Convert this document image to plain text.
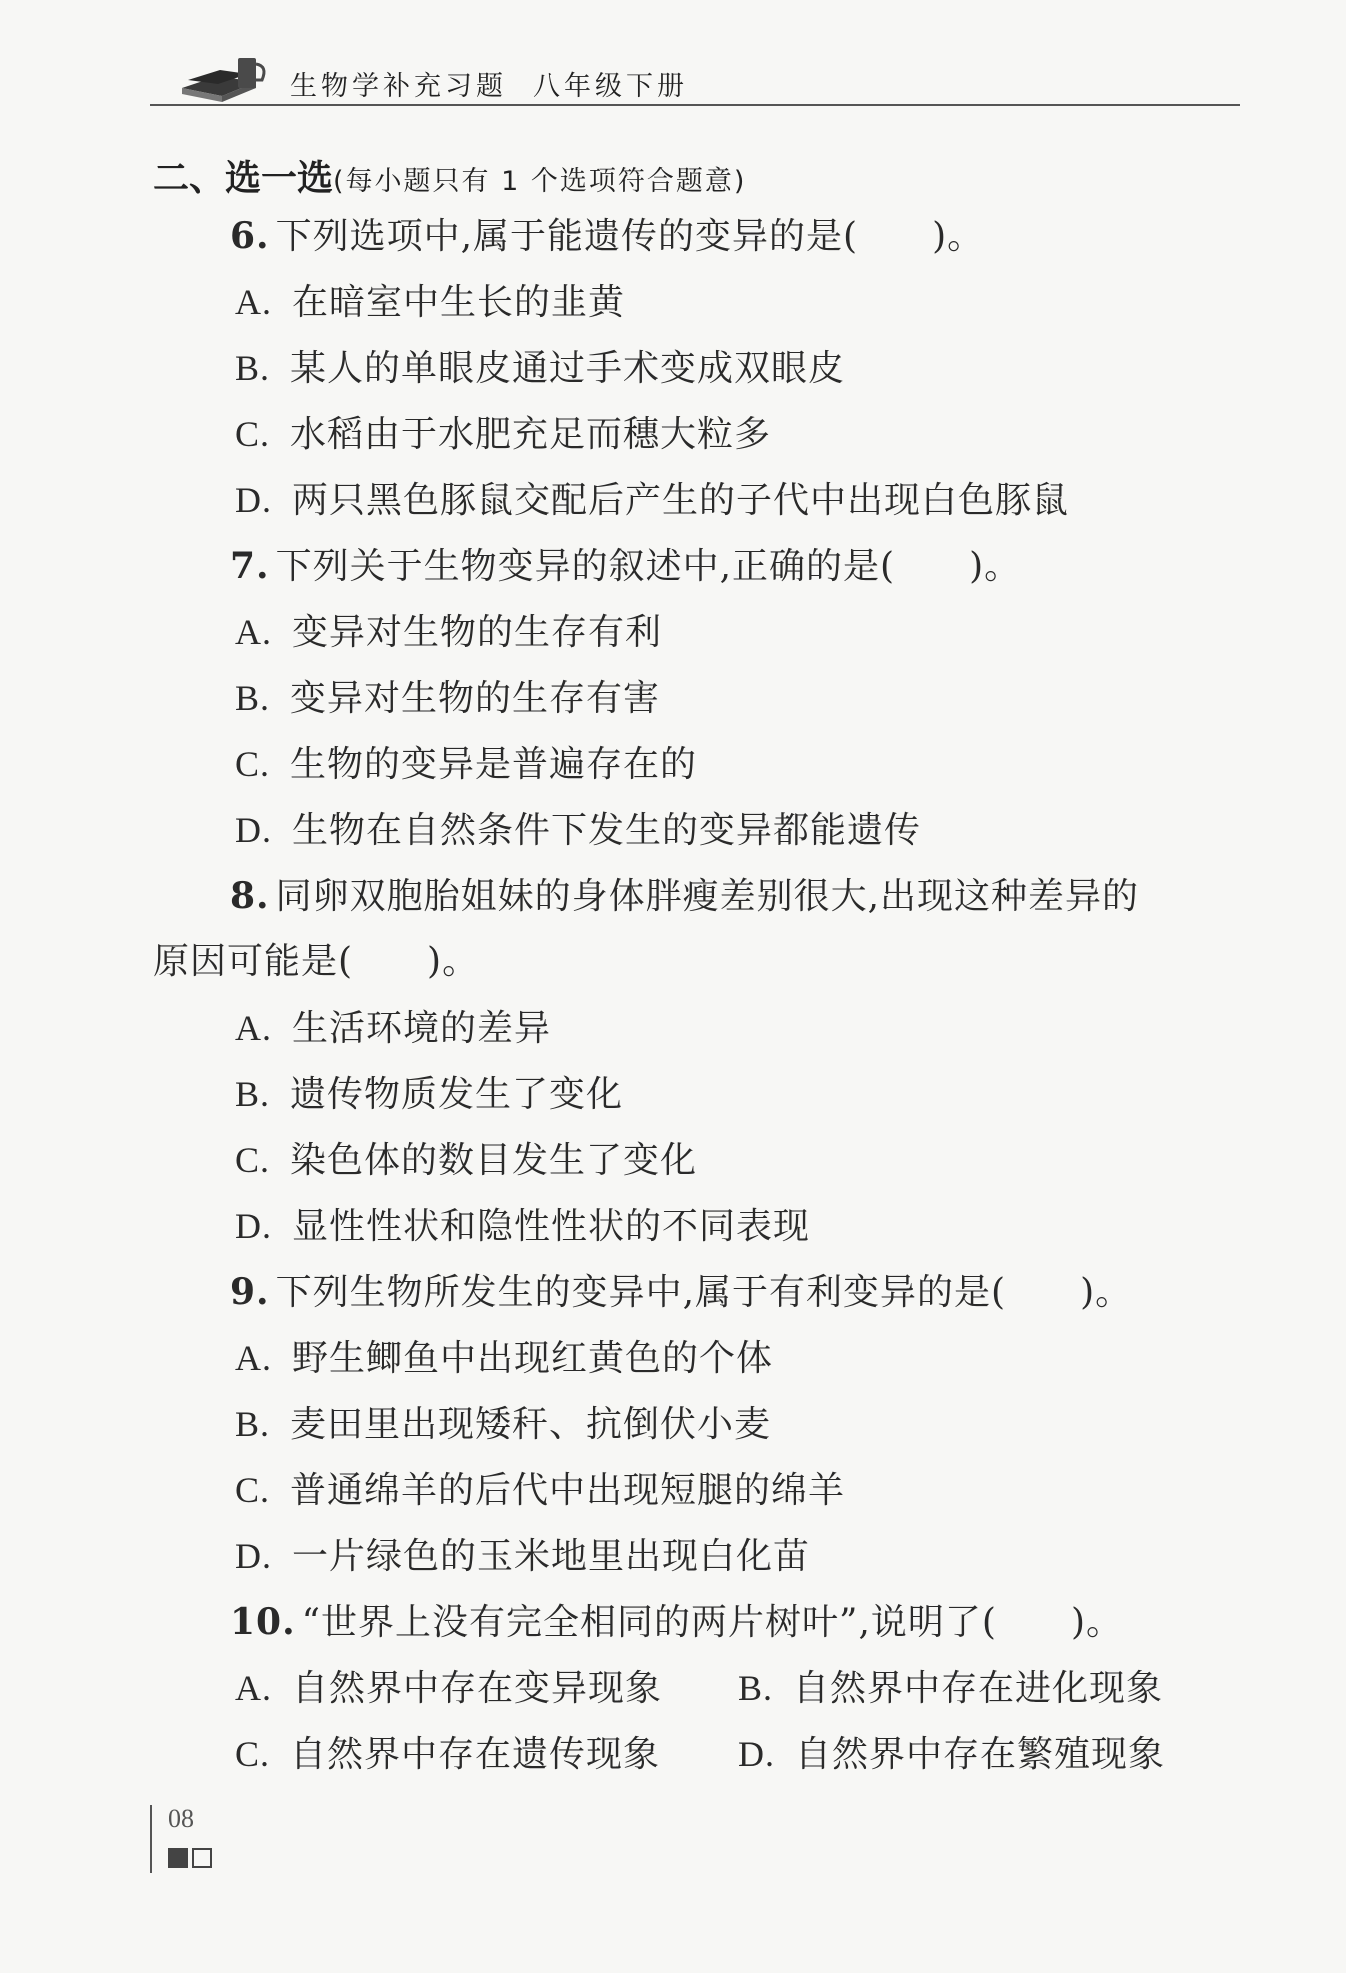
生物学补充习题 八年级下册
二、选一选(每小题只有 1 个选项符合题意)
6. 下列选项中,属于能遗传的变异的是(　　)。
A. 在暗室中生长的韭黄
B. 某人的单眼皮通过手术变成双眼皮
C. 水稻由于水肥充足而穗大粒多
D. 两只黑色豚鼠交配后产生的子代中出现白色豚鼠
7. 下列关于生物变异的叙述中,正确的是(　　)。
A. 变异对生物的生存有利
B. 变异对生物的生存有害
C. 生物的变异是普遍存在的
D. 生物在自然条件下发生的变异都能遗传
8. 同卵双胞胎姐妹的身体胖瘦差别很大,出现这种差异的
原因可能是(　　)。
A. 生活环境的差异
B. 遗传物质发生了变化
C. 染色体的数目发生了变化
D. 显性性状和隐性性状的不同表现
9. 下列生物所发生的变异中,属于有利变异的是(　　)。
A. 野生鲫鱼中出现红黄色的个体
B. 麦田里出现矮秆、抗倒伏小麦
C. 普通绵羊的后代中出现短腿的绵羊
D. 一片绿色的玉米地里出现白化苗
10. “世界上没有完全相同的两片树叶”,说明了(　　)。
A. 自然界中存在变异现象 B. 自然界中存在进化现象
C. 自然界中存在遗传现象 D. 自然界中存在繁殖现象
08
